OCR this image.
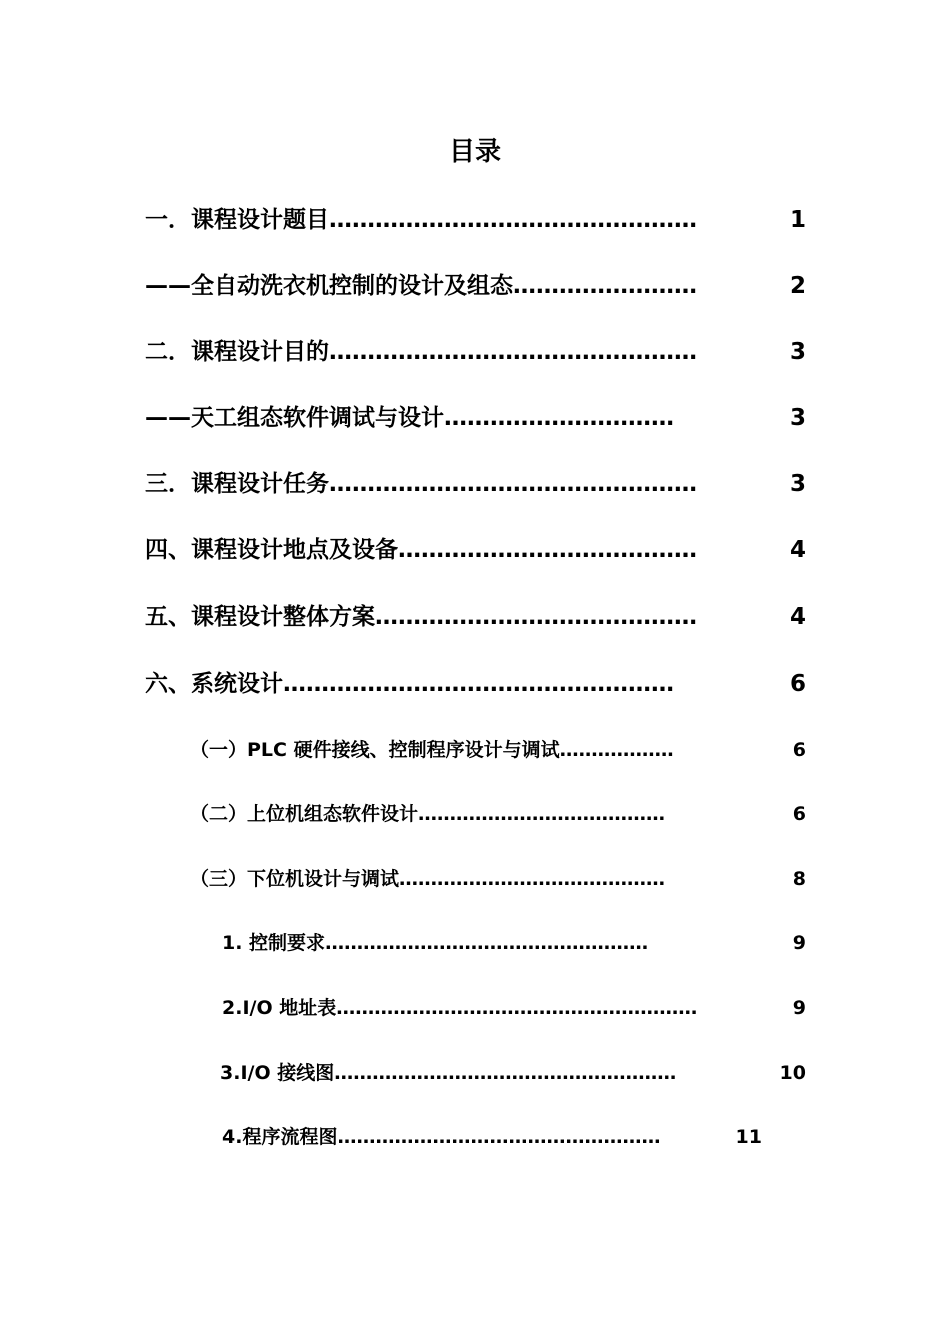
目录
一．课程设计题目 …………………………………………	1
——全自动洗衣机控制的设计及组态 ……………………	2
二．课程设计目的 …………………………………………	3
——天工组态软件调试与设计 …………………………	3
三．课程设计任务 …………………………………………	3
四、课程设计地点及设备 …………………………………	4
五、课程设计整体方案 ……………………………………	4
六、系统设计 ……………………………………………	6
（一）PLC 硬件接线、控制程序设计与调试 ………………	6
（二）上位机组态软件设计 …………………………………	6
（三）下位机设计与调试 ……………………………………	8
1. 控制要求 ……………………………………………	9
2.I/O 地址表 …………………………………………………	9
3.I/O 接线图 ………………………………………………	10
4.程序流程图 ……………………………………………	11
